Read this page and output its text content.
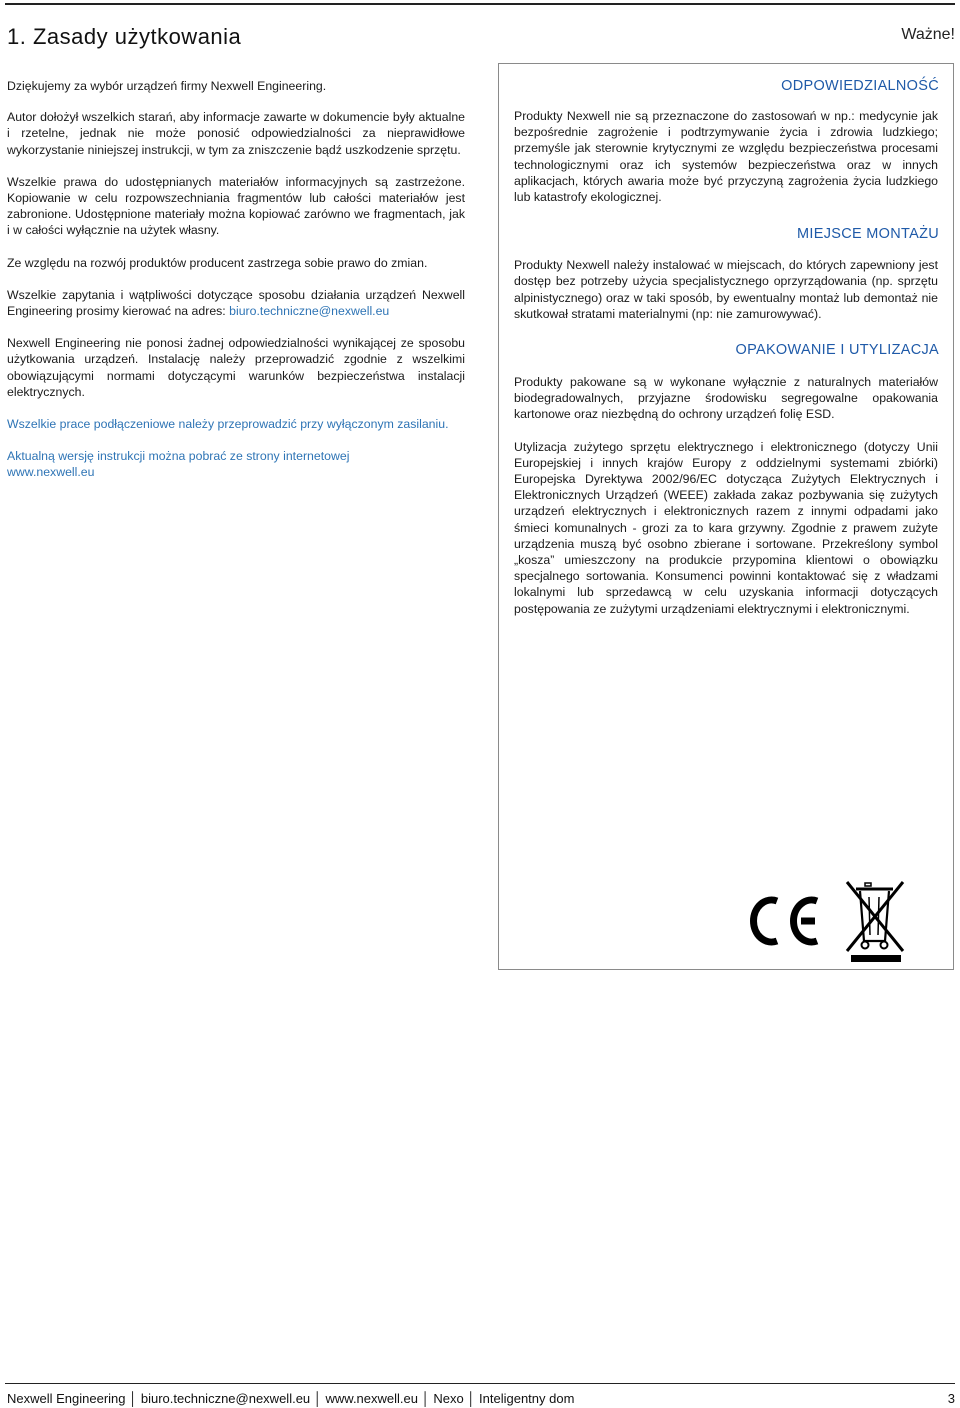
1. Zasady użytkowania	Ważne!

Dziękujemy za wybór urządzeń firmy Nexwell Engineering.

Autor dołożył wszelkich starań, aby informacje zawarte w dokumencie były aktualne i rzetelne, jednak nie może ponosić odpowiedzialności za nieprawidłowe wykorzystanie niniejszej instrukcji, w tym za zniszczenie bądź uszkodzenie sprzętu.

Wszelkie prawa do udostępnianych materiałów informacyjnych są zastrzeżone. Kopiowanie w celu rozpowszechniania fragmentów lub całości materiałów jest zabronione. Udostępnione materiały można kopiować zarówno we fragmentach, jak i w całości wyłącznie na użytek własny.

Ze względu na rozwój produktów producent zastrzega sobie prawo do zmian.

Wszelkie zapytania i wątpliwości dotyczące sposobu działania urządzeń Nexwell Engineering prosimy kierować na adres: biuro.techniczne@nexwell.eu

Nexwell Engineering nie ponosi żadnej odpowiedzialności wynikającej ze sposobu użytkowania urządzeń. Instalację należy przeprowadzić zgodnie z wszelkimi obowiązującymi normami dotyczącymi warunków bezpieczeństwa instalacji elektrycznych.

Wszelkie prace podłączeniowe należy przeprowadzić przy wyłączonym zasilaniu.

Aktualną wersję instrukcji można pobrać ze strony internetowej
www.nexwell.eu

ODPOWIEDZIALNOŚĆ

Produkty Nexwell nie są przeznaczone do zastosowań w np.: medycynie jak bezpośrednie zagrożenie i podtrzymywanie życia i zdrowia ludzkiego; przemyśle jak sterownie krytycznymi ze względu bezpieczeństwa procesami technologicznymi oraz ich systemów bezpieczeństwa oraz w innych aplikacjach, których awaria może być przyczyną zagrożenia życia ludzkiego lub katastrofy ekologicznej.

MIEJSCE MONTAŻU

Produkty Nexwell należy instalować w miejscach, do których zapewniony jest dostęp bez potrzeby użycia specjalistycznego oprzyrządowania (np. sprzętu alpinistycznego) oraz w taki sposób, by ewentualny montaż lub demontaż nie skutkował stratami materialnymi (np: nie zamurowywać).

OPAKOWANIE I UTYLIZACJA

Produkty pakowane są w wykonane wyłącznie z naturalnych materiałów biodegradowalnych, przyjazne środowisku segregowalne opakowania kartonowe oraz niezbędną do ochrony urządzeń folię ESD.

Utylizacja zużytego sprzętu elektrycznego i elektronicznego (dotyczy Unii Europejskiej i innych krajów Europy z oddzielnymi systemami zbiórki) Europejska Dyrektywa 2002/96/EC dotycząca Zużytych Elektrycznych i Elektronicznych Urządzeń (WEEE) zakłada zakaz pozbywania się zużytych urządzeń elektrycznych i elektronicznych razem z innymi odpadami jako śmieci komunalnych - grozi za to kara grzywny. Zgodnie z prawem zużyte urządzenia muszą być osobno zbierane i sortowane. Przekreślony symbol „kosza” umieszczony na produkcie przypomina klientowi o obowiązku specjalnego sortowania. Konsumenci powinni kontaktować się z władzami lokalnymi lub sprzedawcą w celu uzyskania informacji dotyczących postępowania ze zużytymi urządzeniami elektrycznymi i elektronicznymi.

Nexwell Engineering │ biuro.techniczne@nexwell.eu │ www.nexwell.eu │ Nexo │ Inteligentny dom	3
